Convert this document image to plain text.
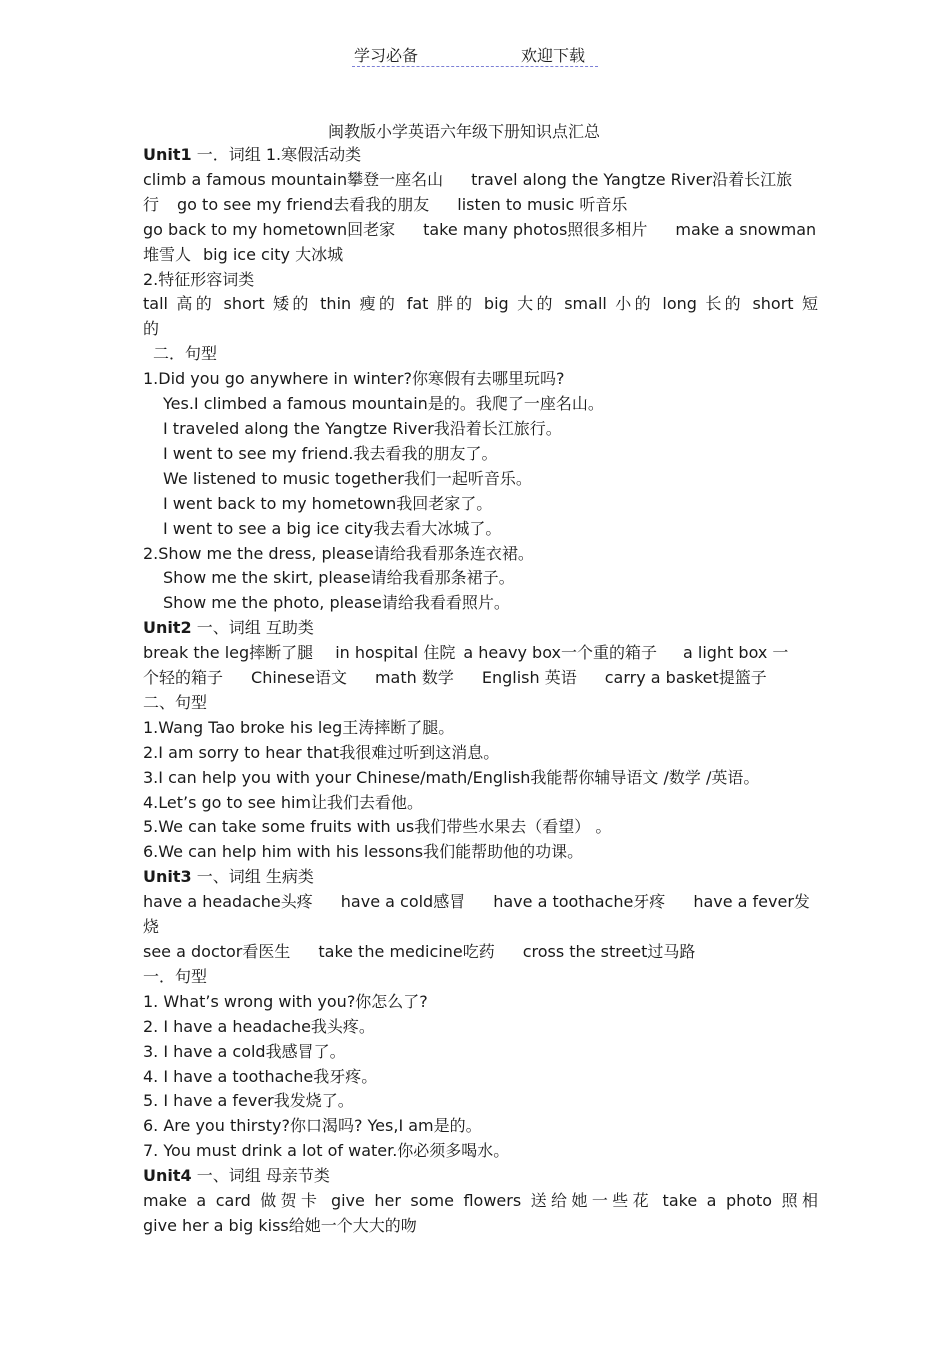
学习必备	欢迎下载
闽教版小学英语六年级下册知识点汇总

Unit1 一．词组 1.寒假活动类

climb a famous mountain攀登一座名山 travel along the Yangtze River沿着长江旅

行 go to see my friend去看我的朋友 listen to music 听音乐

go back to my hometown回老家 take many photos照很多相片 make a snowman

堆雪人 big ice city 大冰城

2.特征形容词类

tall 高的 short 矮的 thin 瘦的 fat 胖的 big 大的 small 小的 long 长的 short 短

的

二．句型

1.Did you go anywhere in winter?你寒假有去哪里玩吗?

Yes.I climbed a famous mountain是的。我爬了一座名山。

I traveled along the Yangtze River我沿着长江旅行。

I went to see my friend.我去看我的朋友了。

We listened to music together我们一起听音乐。

I went back to my hometown我回老家了。

I went to see a big ice city我去看大冰城了。

2.Show me the dress, please请给我看那条连衣裙。

Show me the skirt, please请给我看那条裙子。

Show me the photo, please请给我看看照片。

Unit2 一、词组 互助类

break the leg摔断了腿 in hospital 住院 a heavy box一个重的箱子 a light box 一

个轻的箱子 Chinese语文 math 数学 English 英语 carry a basket提篮子

二、句型

1.Wang Tao broke his leg王涛摔断了腿。

2.I am sorry to hear that我很难过听到这消息。

3.I can help you with your Chinese/math/English我能帮你辅导语文 /数学 /英语。

4.Let’s go to see him让我们去看他。

5.We can take some fruits with us我们带些水果去（看望） 。

6.We can help him with his lessons我们能帮助他的功课。

Unit3 一、词组 生病类

have a headache头疼 have a cold感冒 have a toothache牙疼 have a fever发烧

see a doctor看医生 take the medicine吃药 cross the street过马路

一．句型

1. What’s wrong with you?你怎么了?

2. I have a headache我头疼。

3. I have a cold我感冒了。

4. I have a toothache我牙疼。

5. I have a fever我发烧了。

6. Are you thirsty?你口渴吗? Yes,I am是的。

7. You must drink a lot of water.你必须多喝水。

Unit4 一、词组 母亲节类

make a card 做贺卡 give her some flowers 送给她一些花 take a photo 照相

give her a big kiss给她一个大大的吻
